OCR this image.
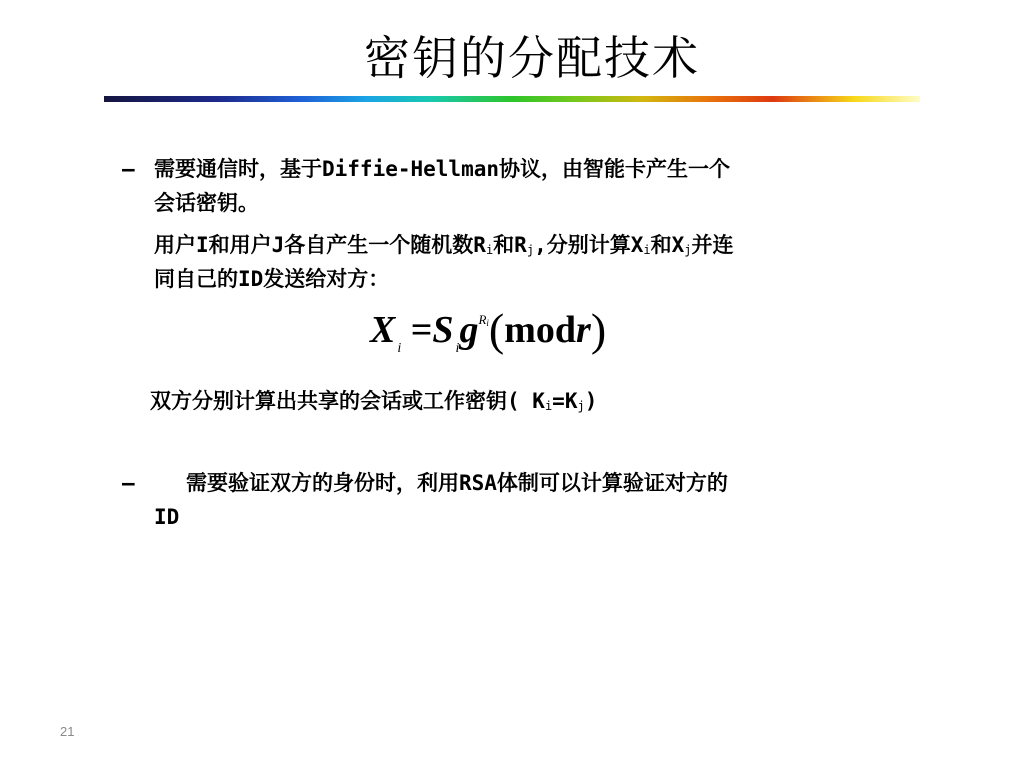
密钥的分配技术
– 需要通信时，基于Diffie-Hellman协议，由智能卡产生一个
会话密钥。
用户I和用户J各自产生一个随机数$R_i$和$R_j$,分别计算$X_i$和$X_j$并连
同自己的ID发送给对方：
X $_i$ =S $_ig^{R_i}(modr)$
双方分别计算出共享的会话或工作密钥( $K_i=K_j$)
– 需要验证双方的身份时，利用RSA体制可以计算验证对方的
ID
21
